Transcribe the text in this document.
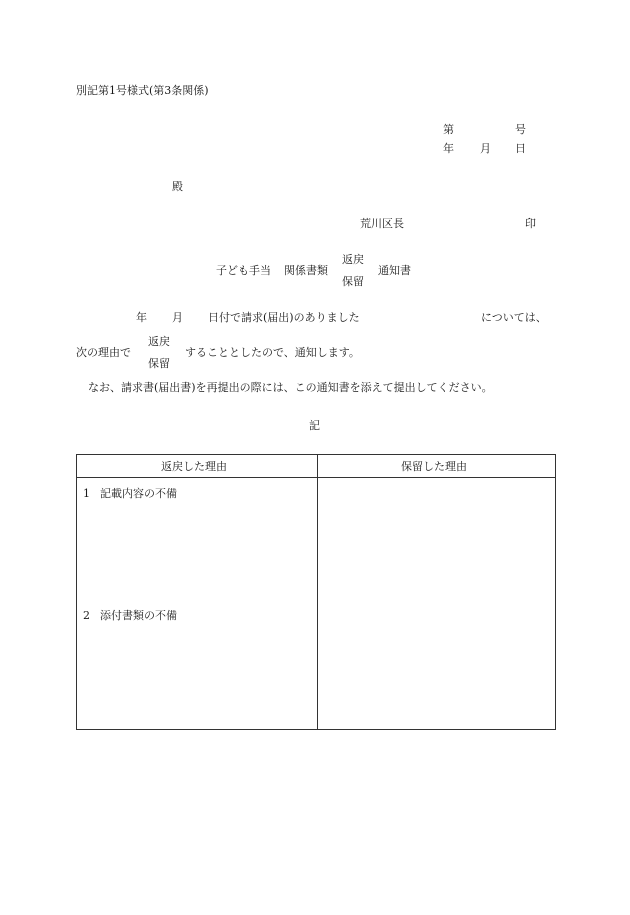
別記第1号様式(第3条関係)
第	号
年 月 日
殿
荒川区長	印
子ども手当 関係書類
返戻
保留
通知書
年 月 日付で請求(届出)のありました	については、
次の理由で
返戻
保留
することとしたので、通知します。
なお、請求書(届出書)を再提出の際には、この通知書を添えて提出してください。
記
返戻した理由	保留した理由
1 記載内容の不備
2 添付書類の不備
